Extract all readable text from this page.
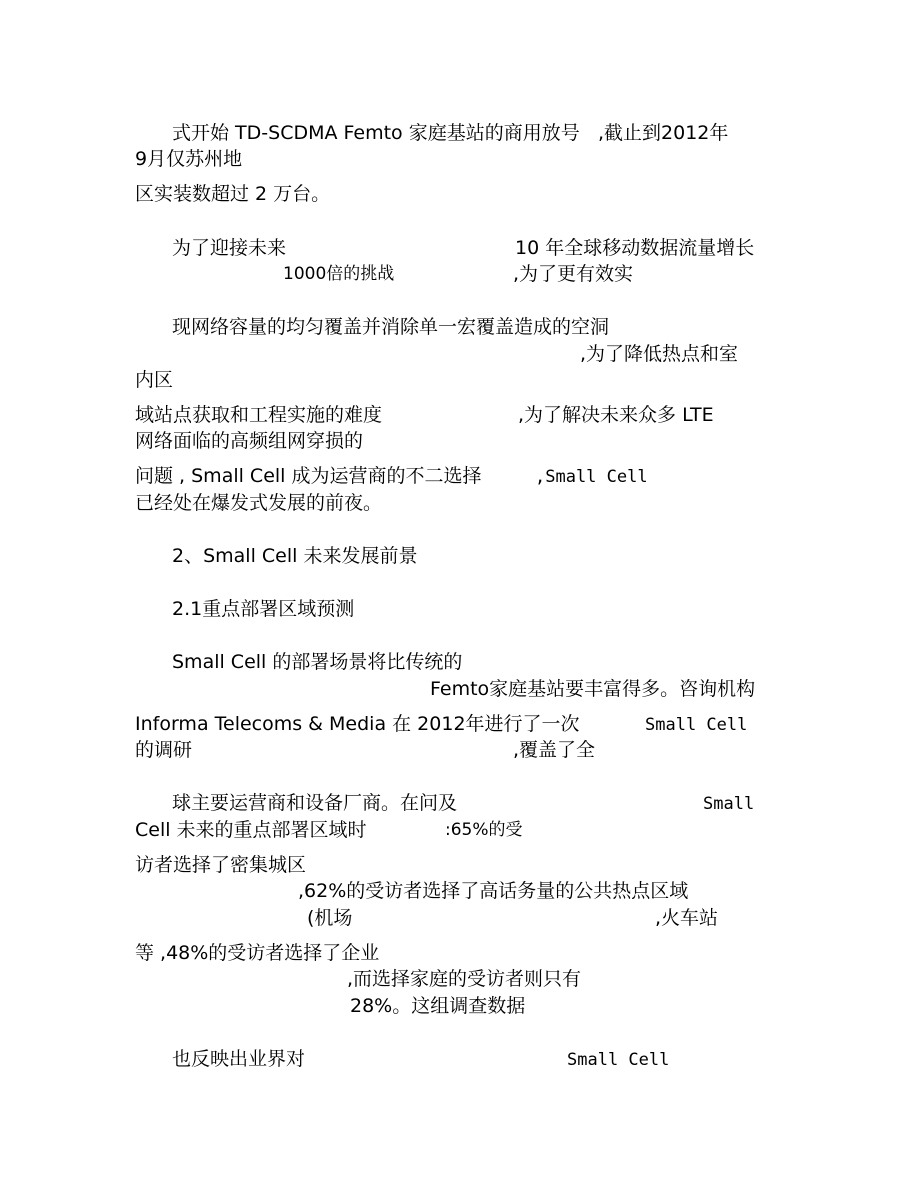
式开始 TD-SCDMA Femto 家庭基站的商用放号 ,截止到2012年
9月仅苏州地
区实装数超过 2 万台。
为了迎接未来	10 年全球移动数据流量增长
1000倍的挑战	,为了更有效实
现网络容量的均匀覆盖并消除单一宏覆盖造成的空洞
,为了降低热点和室
内区
域站点获取和工程实施的难度	,为了解决未来众多 LTE
网络面临的高频组网穿损的
问题 , Small Cell 成为运营商的不二选择	,Small Cell
已经处在爆发式发展的前夜。
2、Small Cell 未来发展前景
2.1重点部署区域预测
Small Cell 的部署场景将比传统的
Femto家庭基站要丰富得多。咨询机构
Informa Telecoms & Media 在 2012年进行了一次	Small Cell
的调研	,覆盖了全
球主要运营商和设备厂商。在问及	Small
Cell 未来的重点部署区域时	:65%的受
访者选择了密集城区
,62%的受访者选择了高话务量的公共热点区域
(机场	,火车站
等 ,48%的受访者选择了企业
,而选择家庭的受访者则只有
28%。这组调查数据
也反映出业界对	Small Cell
